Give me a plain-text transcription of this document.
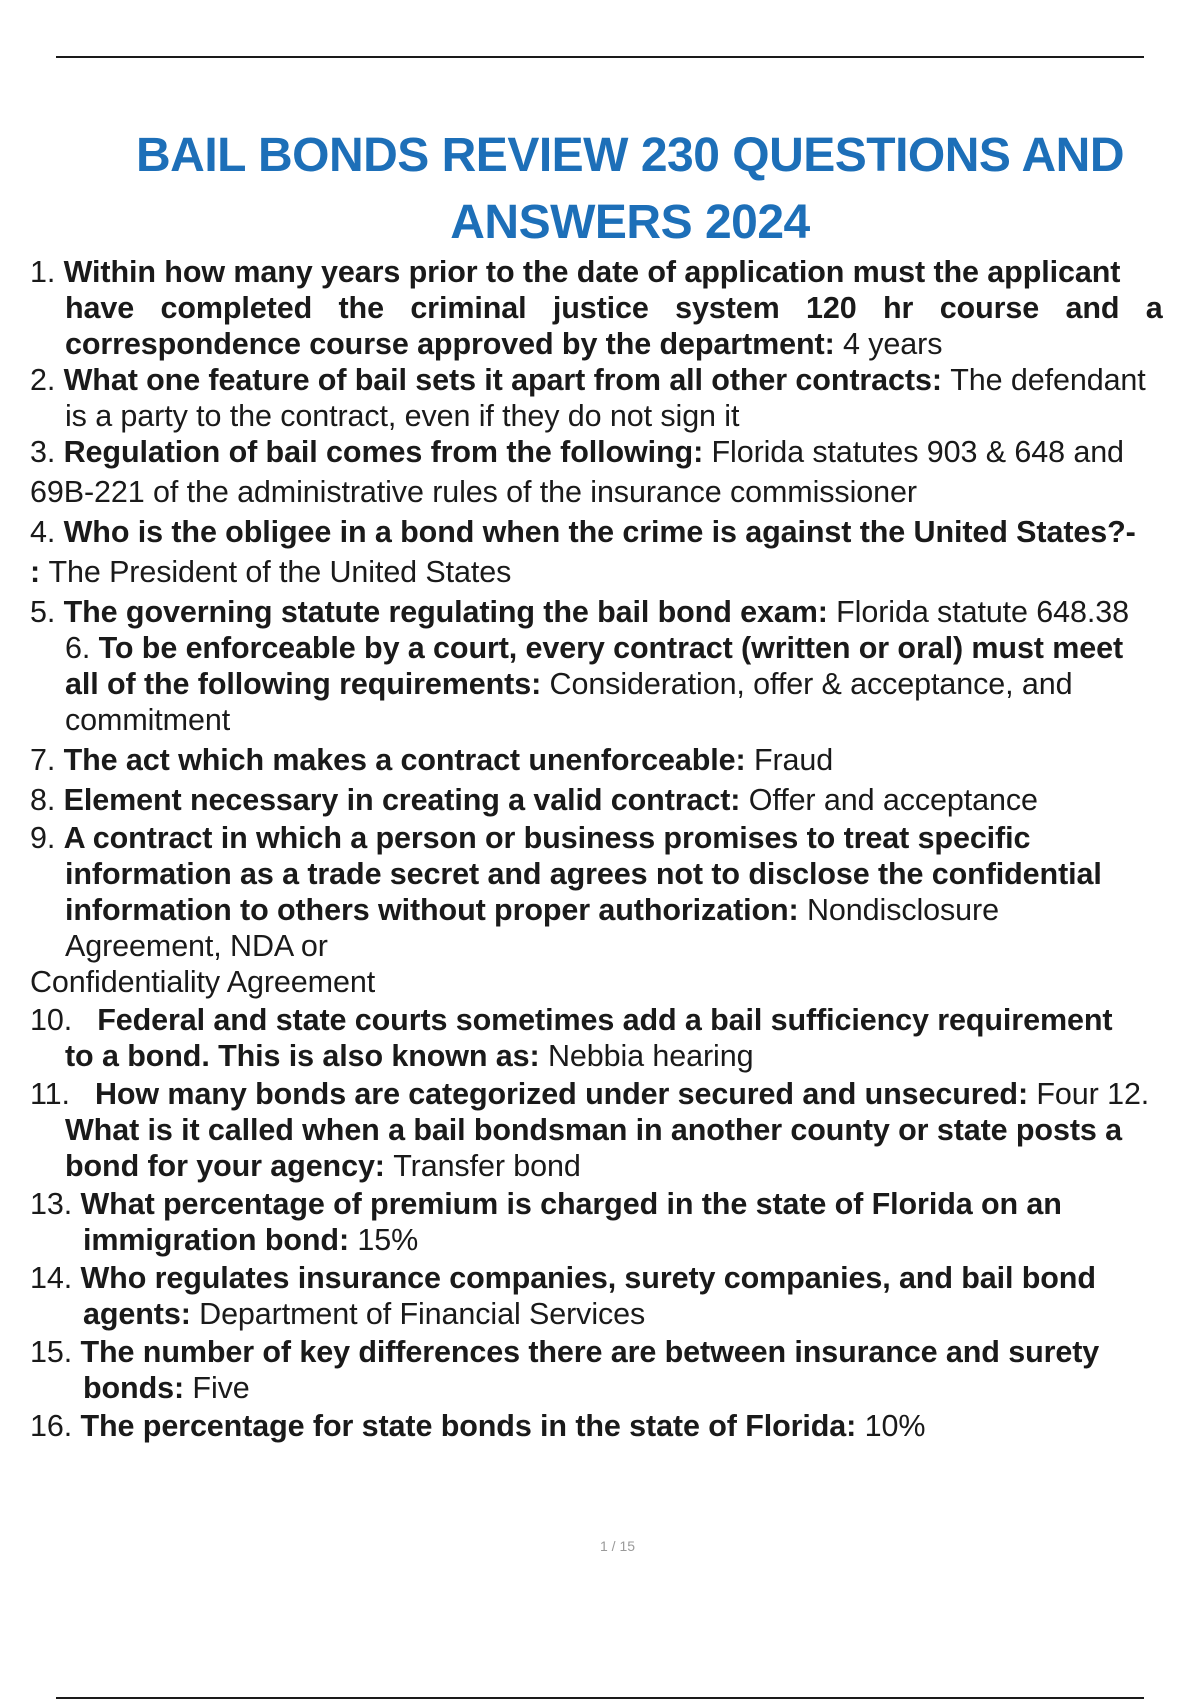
BAIL BONDS REVIEW 230 QUESTIONS AND
ANSWERS 2024
1. Within how many years prior to the date of application must the applicant
have completed the criminal justice system 120 hr course and a
correspondence course approved by the department: 4 years
2. What one feature of bail sets it apart from all other contracts: The defendant
is a party to the contract, even if they do not sign it
3. Regulation of bail comes from the following: Florida statutes 903 & 648 and
69B-221 of the administrative rules of the insurance commissioner
4. Who is the obligee in a bond when the crime is against the United States?-
: The President of the United States
5. The governing statute regulating the bail bond exam: Florida statute 648.38
6. To be enforceable by a court, every contract (written or oral) must meet
all of the following requirements: Consideration, offer & acceptance, and
commitment
7. The act which makes a contract unenforceable: Fraud
8. Element necessary in creating a valid contract: Offer and acceptance
9. A contract in which a person or business promises to treat specific
information as a trade secret and agrees not to disclose the confidential
information to others without proper authorization: Nondisclosure
Agreement, NDA or
Confidentiality Agreement
10.   Federal and state courts sometimes add a bail sufficiency requirement
to a bond. This is also known as: Nebbia hearing
11.   How many bonds are categorized under secured and unsecured: Four 12.
What is it called when a bail bondsman in another county or state posts a
bond for your agency: Transfer bond
13. What percentage of premium is charged in the state of Florida on an
immigration bond: 15%
14. Who regulates insurance companies, surety companies, and bail bond
agents: Department of Financial Services
15. The number of key differences there are between insurance and surety
bonds: Five
16. The percentage for state bonds in the state of Florida: 10%
1 / 15
